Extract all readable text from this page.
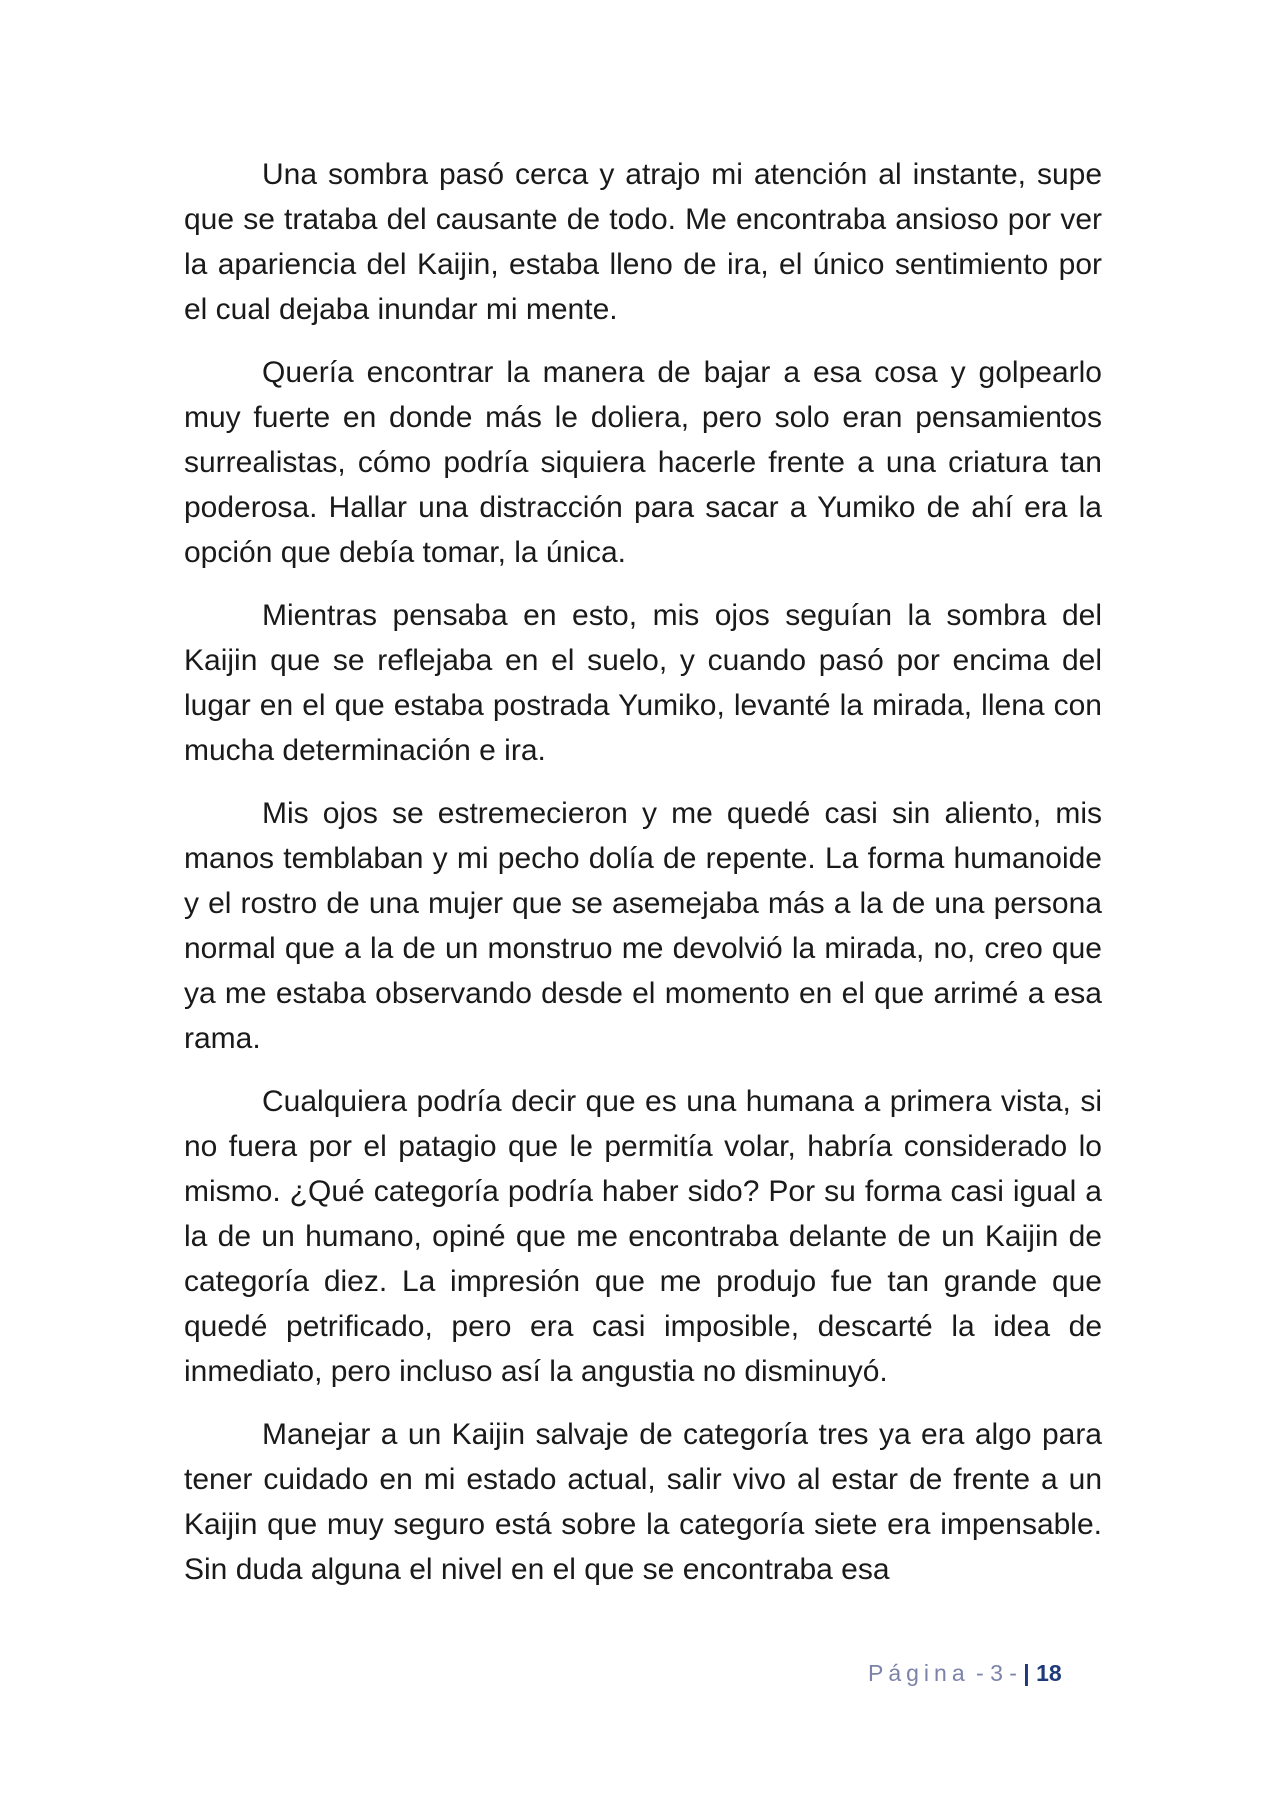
Una sombra pasó cerca y atrajo mi atención al instante, supe que se trataba del causante de todo. Me encontraba ansioso por ver la apariencia del Kaijin, estaba lleno de ira, el único sentimiento por el cual dejaba inundar mi mente.

Quería encontrar la manera de bajar a esa cosa y golpearlo muy fuerte en donde más le doliera, pero solo eran pensamientos surrealistas, cómo podría siquiera hacerle frente a una criatura tan poderosa. Hallar una distracción para sacar a Yumiko de ahí era la opción que debía tomar, la única.

Mientras pensaba en esto, mis ojos seguían la sombra del Kaijin que se reflejaba en el suelo, y cuando pasó por encima del lugar en el que estaba postrada Yumiko, levanté la mirada, llena con mucha determinación e ira.

Mis ojos se estremecieron y me quedé casi sin aliento, mis manos temblaban y mi pecho dolía de repente. La forma humanoide y el rostro de una mujer que se asemejaba más a la de una persona normal que a la de un monstruo me devolvió la mirada, no, creo que ya me estaba observando desde el momento en el que arrimé a esa rama.

Cualquiera podría decir que es una humana a primera vista, si no fuera por el patagio que le permitía volar, habría considerado lo mismo. ¿Qué categoría podría haber sido? Por su forma casi igual a la de un humano, opiné que me encontraba delante de un Kaijin de categoría diez. La impresión que me produjo fue tan grande que quedé petrificado, pero era casi imposible, descarté la idea de inmediato, pero incluso así la angustia no disminuyó.

Manejar a un Kaijin salvaje de categoría tres ya era algo para tener cuidado en mi estado actual, salir vivo al estar de frente a un Kaijin que muy seguro está sobre la categoría siete era impensable. Sin duda alguna el nivel en el que se encontraba esa

Página - 3 - | 18
